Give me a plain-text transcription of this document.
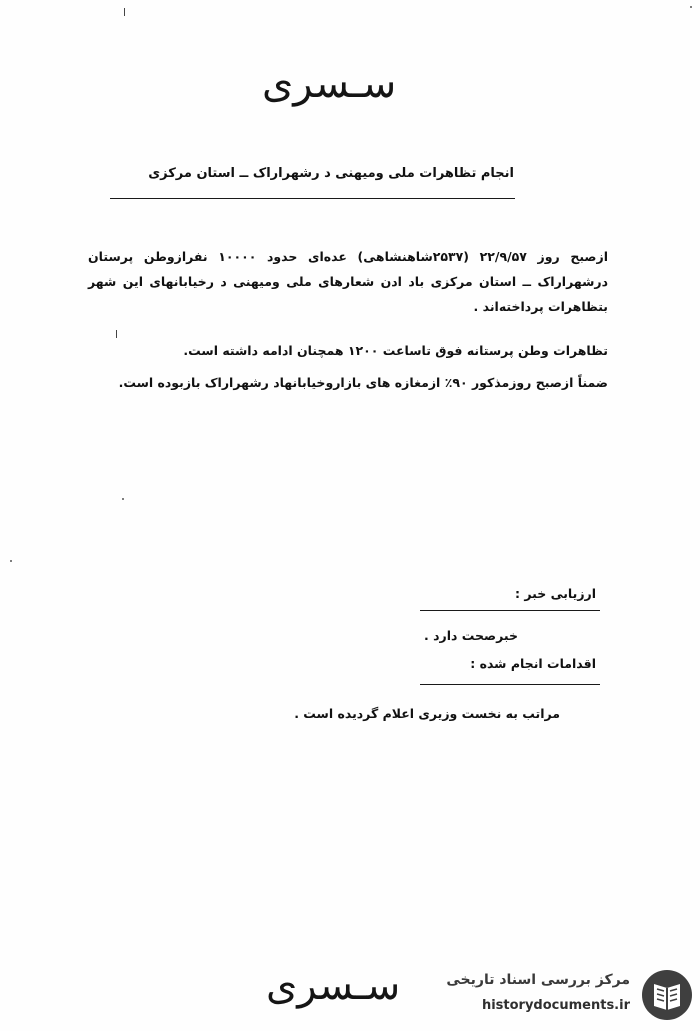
سـسرى
انجام تظاهرات ملی ومیهنی د رشهراراک ــ استان مرکزی
ازصبح روز ۲۲/۹/۵۷ (۲۵۳۷شاهنشاهی) عده‌ای حدود ۱۰۰۰۰ نفرازوطن پرستان درشهراراک ــ استان مرکزی باد ادن شعارهای ملی ومیهنی د رخیابانهای این شهر بتظاهرات پرداخته‌اند .
تظاهرات وطن پرستانه فوق تاساعت ۱۲۰۰ همچنان ادامه داشته است.
ضمناً ازصبح روزمذکور ۹۰٪ ازمغازه های بازاروخیابانهاد رشهراراک بازبوده است.
ارزیابی خبر :
خبرصحت دارد .
اقدامات انجام شده :
مراتب به نخست وزیری اعلام گردیده است .
سـسرى	مرکز بررسی اسناد تاریخی
historydocuments.ir
